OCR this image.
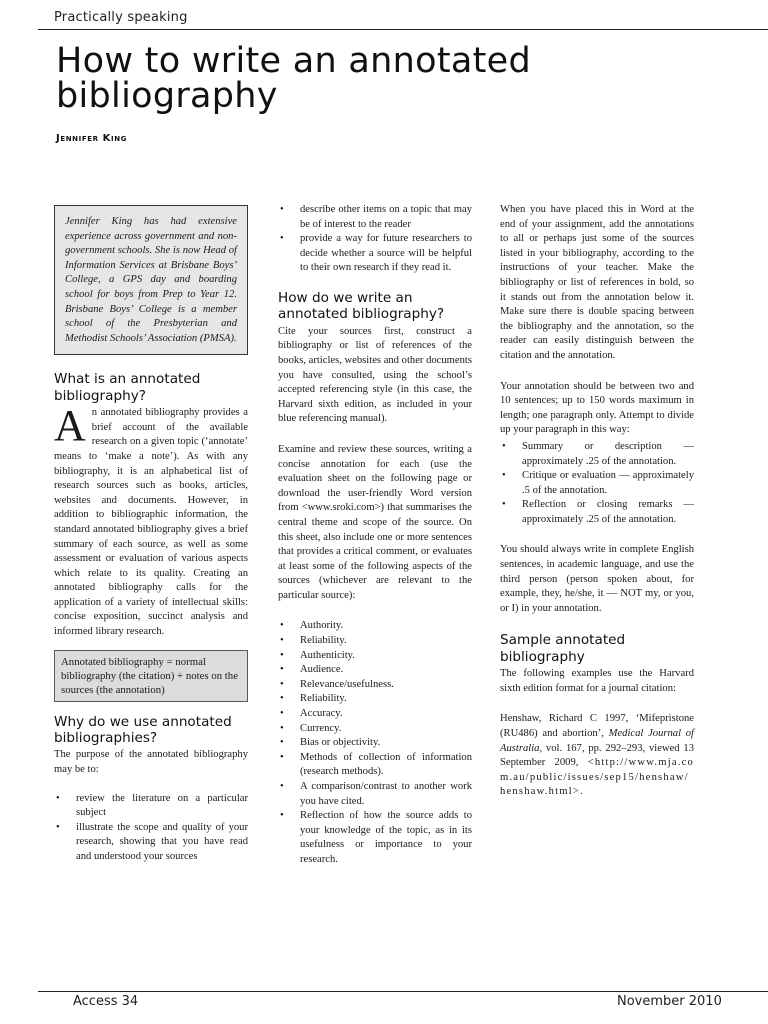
Practically speaking
How to write an annotated bibliography
Jennifer King
Jennifer King has had extensive experience across government and non-government schools. She is now Head of Information Services at Brisbane Boys’ College, a GPS day and boarding school for boys from Prep to Year 12. Brisbane Boys’ College is a member school of the Presbyterian and Methodist Schools’ Association (PMSA).
What is an annotated bibliography?

An annotated bibliography provides a brief account of the available research on a given topic (‘annotate’ means to ‘make a note’). As with any bibliography, it is an alphabetical list of research sources such as books, articles, websites and documents. However, in addition to bibliographic information, the standard annotated bibliography gives a brief summary of each source, as well as some assessment or evaluation of various aspects which relate to its quality. Creating an annotated bibliography calls for the application of a variety of intellectual skills: concise exposition, succinct analysis and informed library research.

Annotated bibliography = normal bibliography (the citation) + notes on the sources (the annotation)
Why do we use annotated bibliographies?

The purpose of the annotated bibliography may be to:

• review the literature on a particular subject
• illustrate the scope and quality of your research, showing that you have read and understood your sources
• describe other items on a topic that may be of interest to the reader
• provide a way for future researchers to decide whether a source will be helpful to their own research if they read it.
How do we write an annotated bibliography?

Cite your sources first, construct a bibliography or list of references of the books, articles, websites and other documents you have consulted, using the school’s accepted referencing style (in this case, the Harvard sixth edition, as included in your blue referencing manual).

Examine and review these sources, writing a concise annotation for each (use the evaluation sheet on the following page or download the user-friendly Word version from <www.sroki.com>) that summarises the central theme and scope of the source. On this sheet, also include one or more sentences that provides a critical comment, or evaluates at least some of the following aspects of the sources (whichever are relevant to the particular source):

• Authority.
• Reliability.
• Authenticity.
• Audience.
• Relevance/usefulness.
• Reliability.
• Accuracy.
• Currency.
• Bias or objectivity.
• Methods of collection of information (research methods).
• A comparison/contrast to another work you have cited.
• Reflection of how the source adds to your knowledge of the topic, as in its usefulness or importance to your research.

When you have placed this in Word at the end of your assignment, add the annotations to all or perhaps just some of the sources listed in your bibliography, according to the instructions of your teacher. Make the bibliography or list of references in bold, so it stands out from the annotation below it. Make sure there is double spacing between the bibliography and the annotation, so the reader can easily distinguish between the citation and the annotation.

Your annotation should be between two and 10 sentences; up to 150 words maximum in length; one paragraph only. Attempt to divide up your paragraph in this way:

• Summary or description — approximately .25 of the annotation.
• Critique or evaluation — approximately .5 of the annotation.
• Reflection or closing remarks — approximately .25 of the annotation.

You should always write in complete English sentences, in academic language, and use the third person (person spoken about, for example, they, he/she, it — NOT my, or you, or I) in your annotation.

Sample annotated bibliography

The following examples use the Harvard sixth edition format for a journal citation:

Henshaw, Richard C 1997, ‘Mifepristone (RU486) and abortion’, Medical Journal of Australia, vol. 167, pp. 292–293, viewed 13 September 2009, <http://www.mja.com.au/public/issues/sep15/henshaw/henshaw.html>.

Access 34	November 2010
